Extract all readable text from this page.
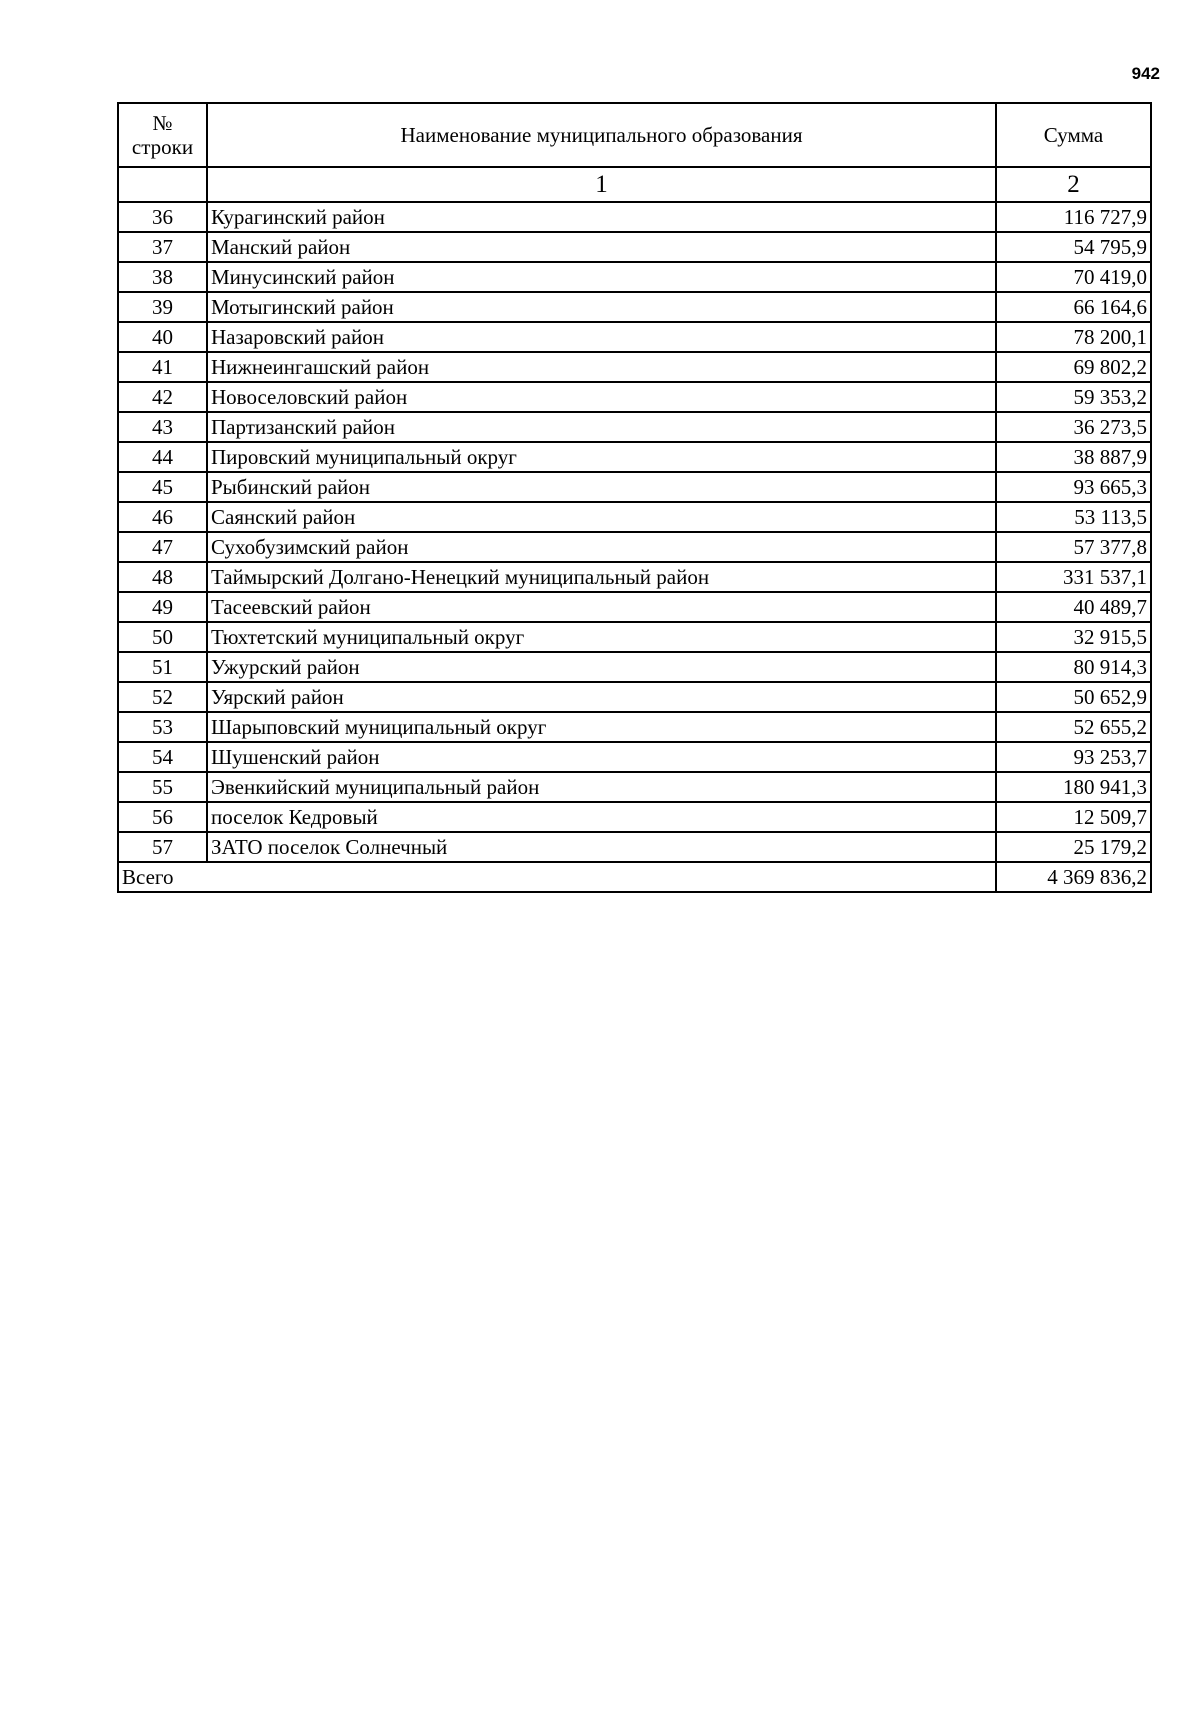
942
№
строки	Наименование муниципального образования	Сумма
	1	2
36	Курагинский район	116 727,9
37	Манский район	54 795,9
38	Минусинский район	70 419,0
39	Мотыгинский район	66 164,6
40	Назаровский район	78 200,1
41	Нижнеингашский район	69 802,2
42	Новоселовский район	59 353,2
43	Партизанский район	36 273,5
44	Пировский муниципальный округ	38 887,9
45	Рыбинский район	93 665,3
46	Саянский район	53 113,5
47	Сухобузимский район	57 377,8
48	Таймырский Долгано-Ненецкий муниципальный район	331 537,1
49	Тасеевский район	40 489,7
50	Тюхтетский муниципальный округ	32 915,5
51	Ужурский район	80 914,3
52	Уярский район	50 652,9
53	Шарыповский муниципальный округ	52 655,2
54	Шушенский район	93 253,7
55	Эвенкийский муниципальный район	180 941,3
56	поселок Кедровый	12 509,7
57	ЗАТО поселок Солнечный	25 179,2
Всего		4 369 836,2
